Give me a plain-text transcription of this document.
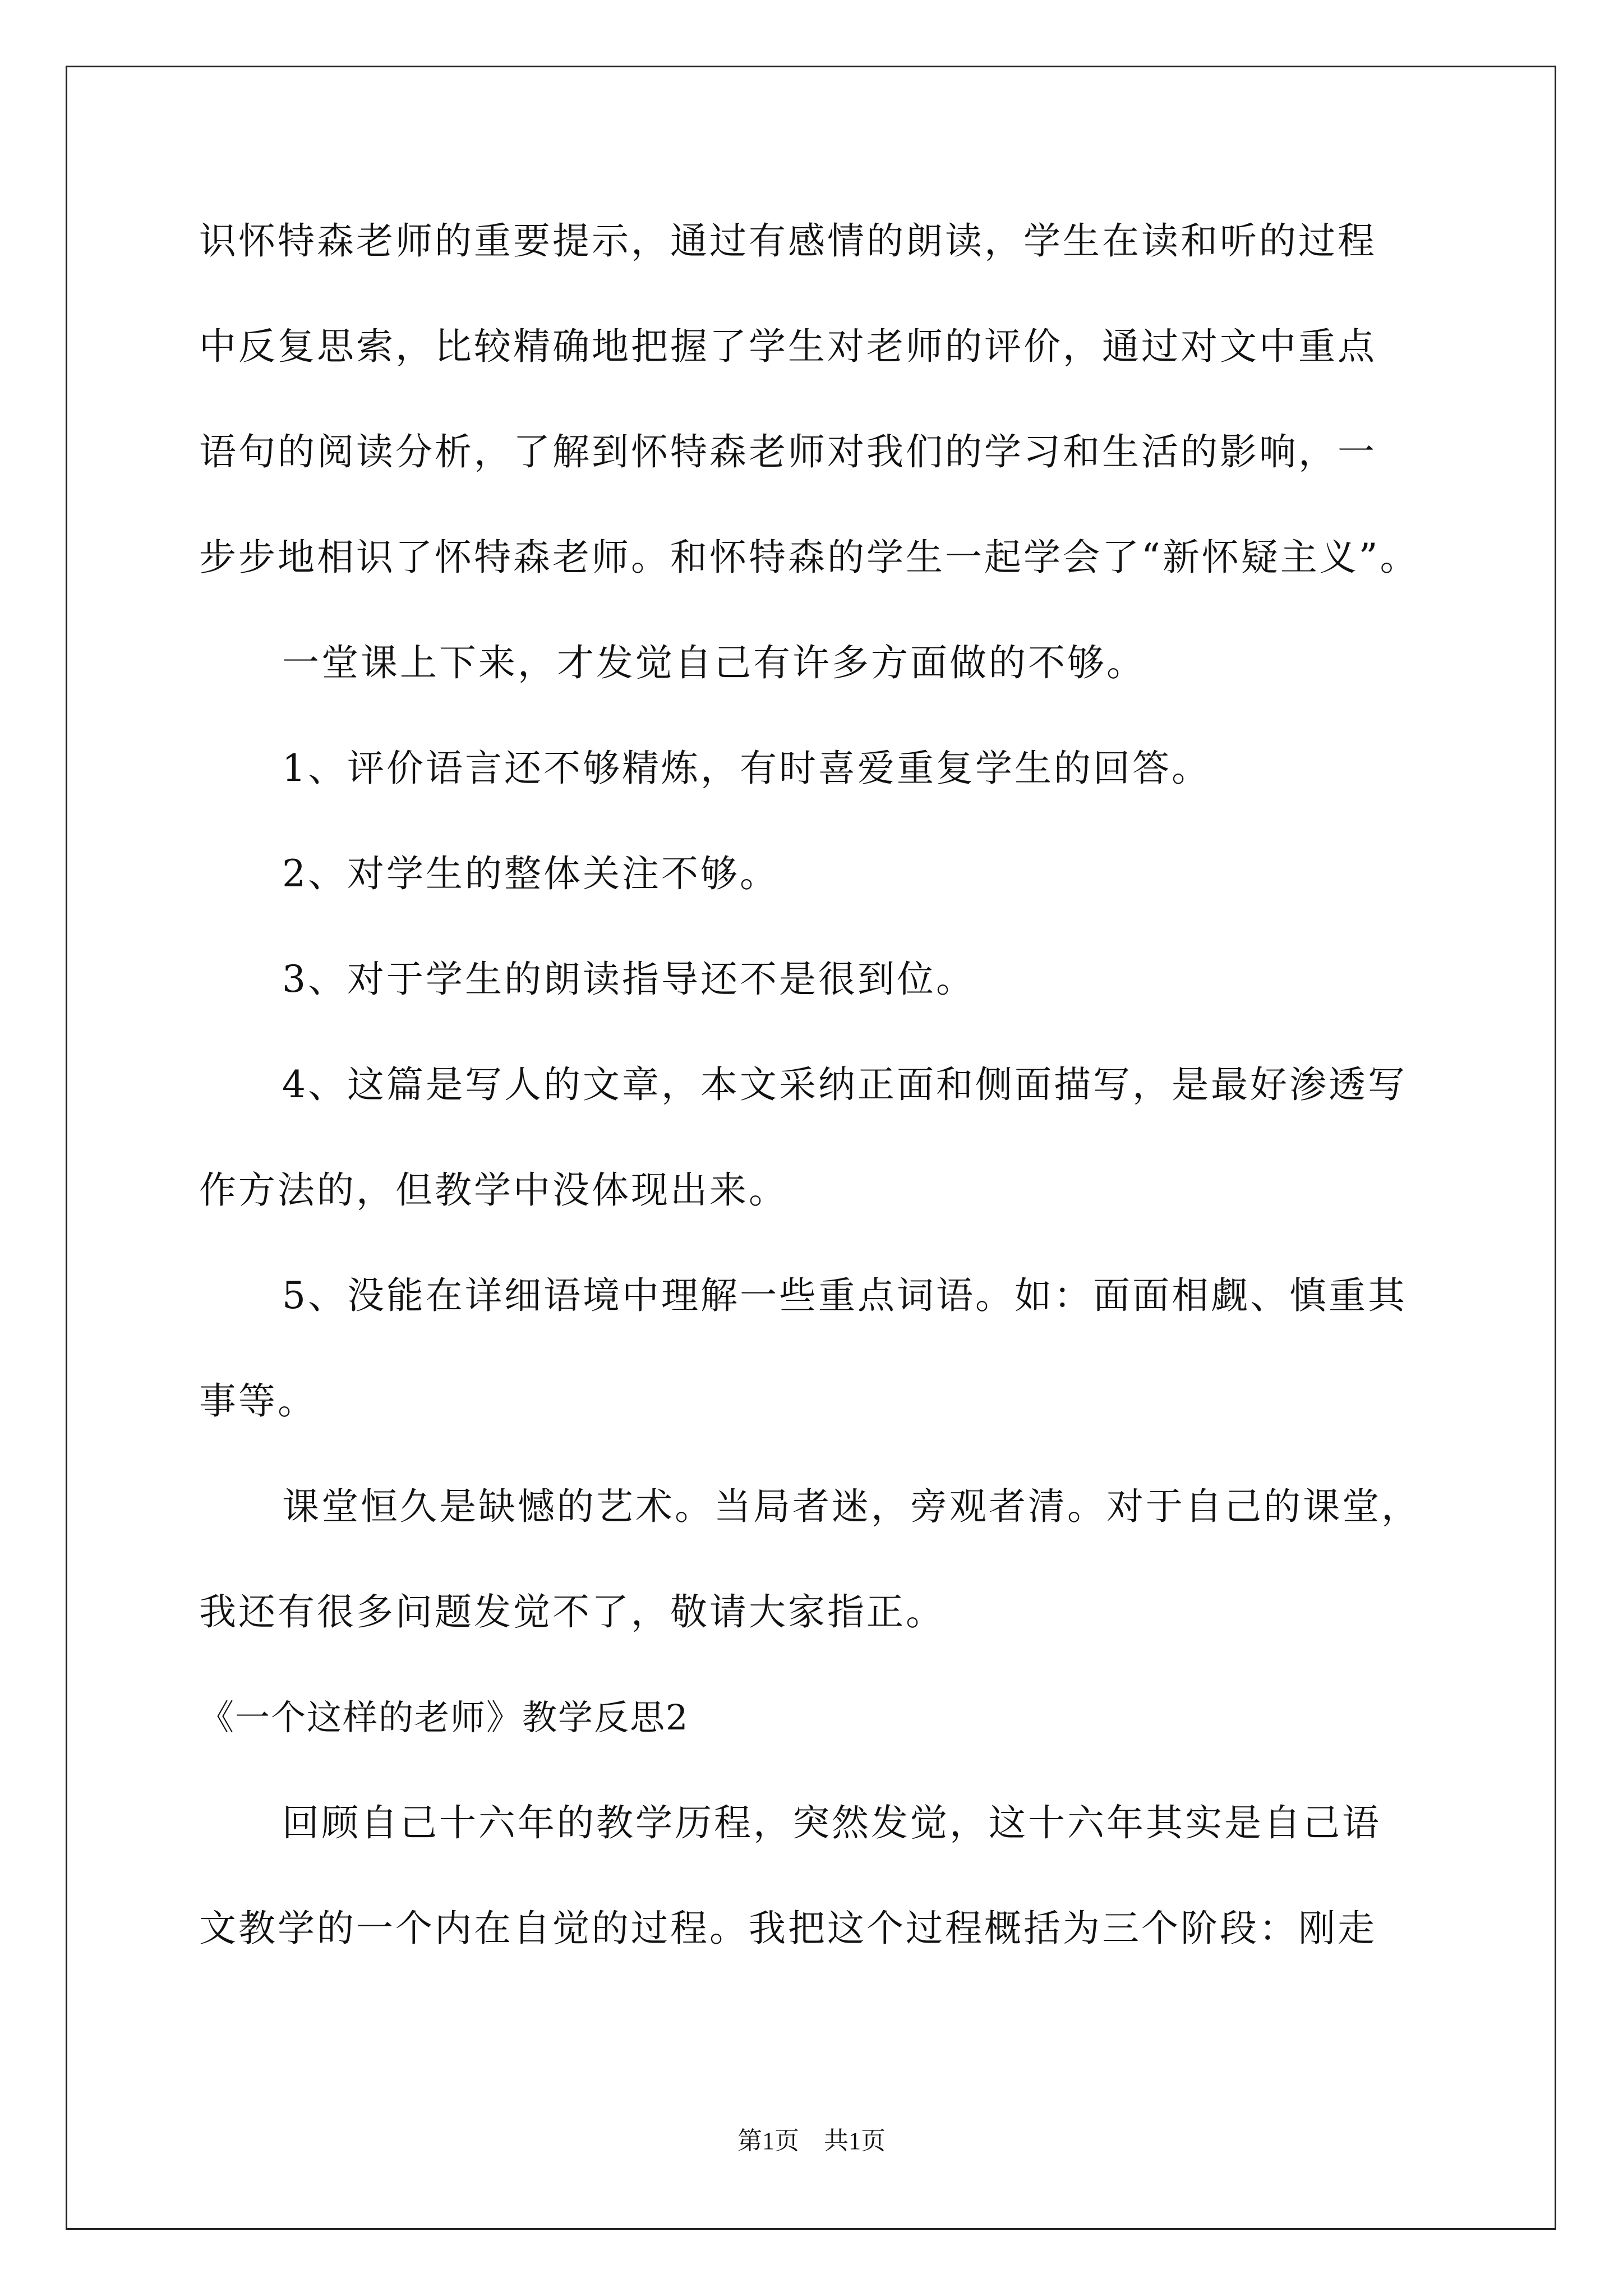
识怀特森老师的重要提示，通过有感情的朗读，学生在读和听的过程
中反复思索，比较精确地把握了学生对老师的评价，通过对文中重点
语句的阅读分析，了解到怀特森老师对我们的学习和生活的影响，一
步步地相识了怀特森老师。和怀特森的学生一起学会了“新怀疑主义”。
一堂课上下来，才发觉自己有许多方面做的不够。
1、评价语言还不够精炼，有时喜爱重复学生的回答。
2、对学生的整体关注不够。
3、对于学生的朗读指导还不是很到位。
4、这篇是写人的文章，本文采纳正面和侧面描写，是最好渗透写
作方法的，但教学中没体现出来。
5、没能在详细语境中理解一些重点词语。如：面面相觑、慎重其
事等。
课堂恒久是缺憾的艺术。当局者迷，旁观者清。对于自己的课堂，
我还有很多问题发觉不了，敬请大家指正。
《一个这样的老师》教学反思2
回顾自己十六年的教学历程，突然发觉，这十六年其实是自己语
文教学的一个内在自觉的过程。我把这个过程概括为三个阶段：刚走
第1页　共1页
